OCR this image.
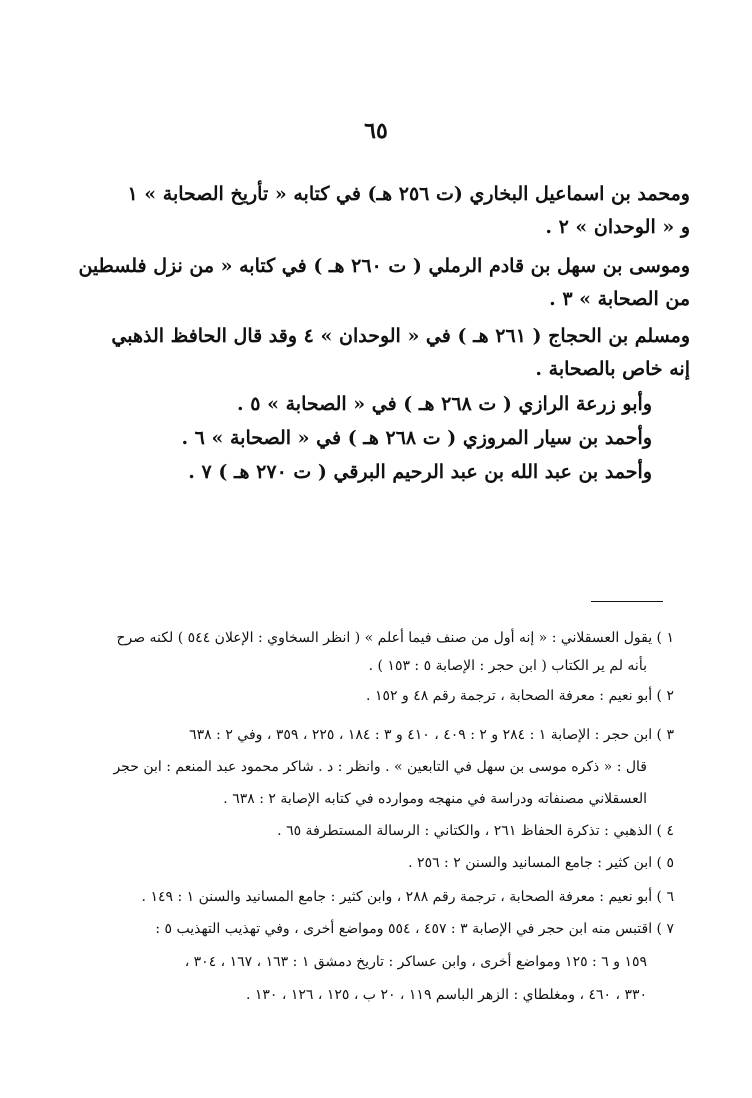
٦٥
ومحمد بن اسماعيل البخاري (ت ٢٥٦ هـ) في كتابه « تأريخ الصحابة » ١
و « الوحدان » ٢ .
وموسى بن سهل بن قادم الرملي ( ت ٢٦٠ هـ ) في كتابه « من نزل فلسطين
من الصحابة » ٣ .
ومسلم بن الحجاج ( ٢٦١ هـ ) في « الوحدان » ٤ وقد قال الحافظ الذهبي
إنه خاص بالصحابة .
وأبو زرعة الرازي ( ت ٢٦٨ هـ ) في « الصحابة » ٥ .
وأحمد بن سيار المروزي ( ت ٢٦٨ هـ ) في « الصحابة » ٦ .
وأحمد بن عبد الله بن عبد الرحيم البرقي ( ت ٢٧٠ هـ ) ٧ .
١ ) يقول العسقلاني : « إنه أول من صنف فيما أعلم » ( انظر السخاوي : الإعلان ٥٤٤ ) لكنه صرح
بأنه لم ير الكتاب ( ابن حجر : الإصابة ٥ : ١٥٣ ) .
٢ ) أبو نعيم : معرفة الصحابة ، ترجمة رقم ٤٨ و ١٥٢ .
٣ ) ابن حجر : الإصابة ١ : ٢٨٤ و ٢ : ٤٠٩ ، ٤١٠ و ٣ : ١٨٤ ، ٢٢٥ ، ٣٥٩ ، وفي ٢ : ٦٣٨
قال : « ذكره موسى بن سهل في التابعين » . وانظر : د . شاكر محمود عبد المنعم : ابن حجر
العسقلاني مصنفاته ودراسة في منهجه وموارده في كتابه الإصابة ٢ : ٦٣٨ .
٤ ) الذهبي : تذكرة الحفاظ ٢٦١ ، والكتاني : الرسالة المستطرفة ٦٥ .
٥ ) ابن كثير : جامع المسانيد والسنن ٢ : ٢٥٦ .
٦ ) أبو نعيم : معرفة الصحابة ، ترجمة رقم ٢٨٨ ، وابن كثير : جامع المسانيد والسنن ١ : ١٤٩ .
٧ ) اقتبس منه ابن حجر في الإصابة ٣ : ٤٥٧ ، ٥٥٤ ومواضع أخرى ، وفي تهذيب التهذيب ٥ :
١٥٩ و ٦ : ١٢٥ ومواضع أخرى ، وابن عساكر : تاريخ دمشق ١ : ١٦٣ ، ١٦٧ ، ٣٠٤ ،
٣٣٠ ، ٤٦٠ ، ومغلطاي : الزهر الباسم ١١٩ ، ٢٠ ب ، ١٢٥ ، ١٢٦ ، ١٣٠ .
